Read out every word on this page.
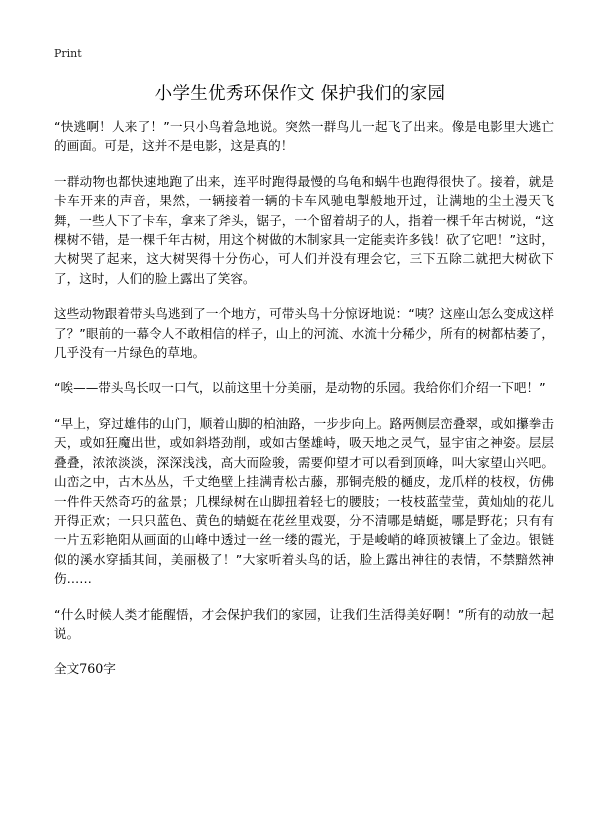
Print
小学生优秀环保作文 保护我们的家园

“快逃啊！人来了！”一只小鸟着急地说。突然一群鸟儿一起飞了出来。像是电影里大逃亡的画面。可是，这并不是电影，这是真的！

一群动物也都快速地跑了出来，连平时跑得最慢的乌龟和蜗牛也跑得很快了。接着，就是卡车开来的声音，果然，一辆接着一辆的卡车风驰电掣般地开过，让满地的尘土漫天飞舞，一些人下了卡车，拿来了斧头，锯子，一个留着胡子的人，指着一棵千年古树说，“这棵树不错，是一棵千年古树，用这个树做的木制家具一定能卖许多钱！砍了它吧！”这时，大树哭了起来，这大树哭得十分伤心，可人们并没有理会它，三下五除二就把大树砍下了，这时，人们的脸上露出了笑容。

这些动物跟着带头鸟逃到了一个地方，可带头鸟十分惊讶地说：“咦？这座山怎么变成这样了？”眼前的一幕令人不敢相信的样子，山上的河流、水流十分稀少，所有的树都枯萎了，几乎没有一片绿色的草地。

“唉——带头鸟长叹一口气，以前这里十分美丽，是动物的乐园。我给你们介绍一下吧！”

“早上，穿过雄伟的山门，顺着山脚的柏油路，一步步向上。路两侧层峦叠翠，或如攥拳击天，或如狂魔出世，或如斜塔劲削，或如古堡雄峙，吸天地之灵气，显宇宙之神姿。层层叠叠，浓浓淡淡，深深浅浅，高大而险骏，需要仰望才可以看到顶峰，叫大家望山兴吧。山峦之中，古木丛丛，千丈绝壁上挂满青松古藤，那铜壳般的樋皮，龙爪样的枝杈，仿佛一件件天然奇巧的盆景；几棵绿树在山脚扭着轻七的腰肢；一枝枝蓝莹莹，黄灿灿的花儿开得正欢；一只只蓝色、黄色的蜻蜓在花丝里戏耍，分不清哪是蜻蜓，哪是野花；只有有一片五彩艳阳从画面的山峰中透过一丝一缕的霞光，于是峻峭的峰顶被镶上了金边。银链似的溪水穿插其间，美丽极了！”大家听着头鸟的话，脸上露出神往的表情，不禁黯然神伤……

“什么时候人类才能醒悟，才会保护我们的家园，让我们生活得美好啊！”所有的动放一起说。

全文760字
